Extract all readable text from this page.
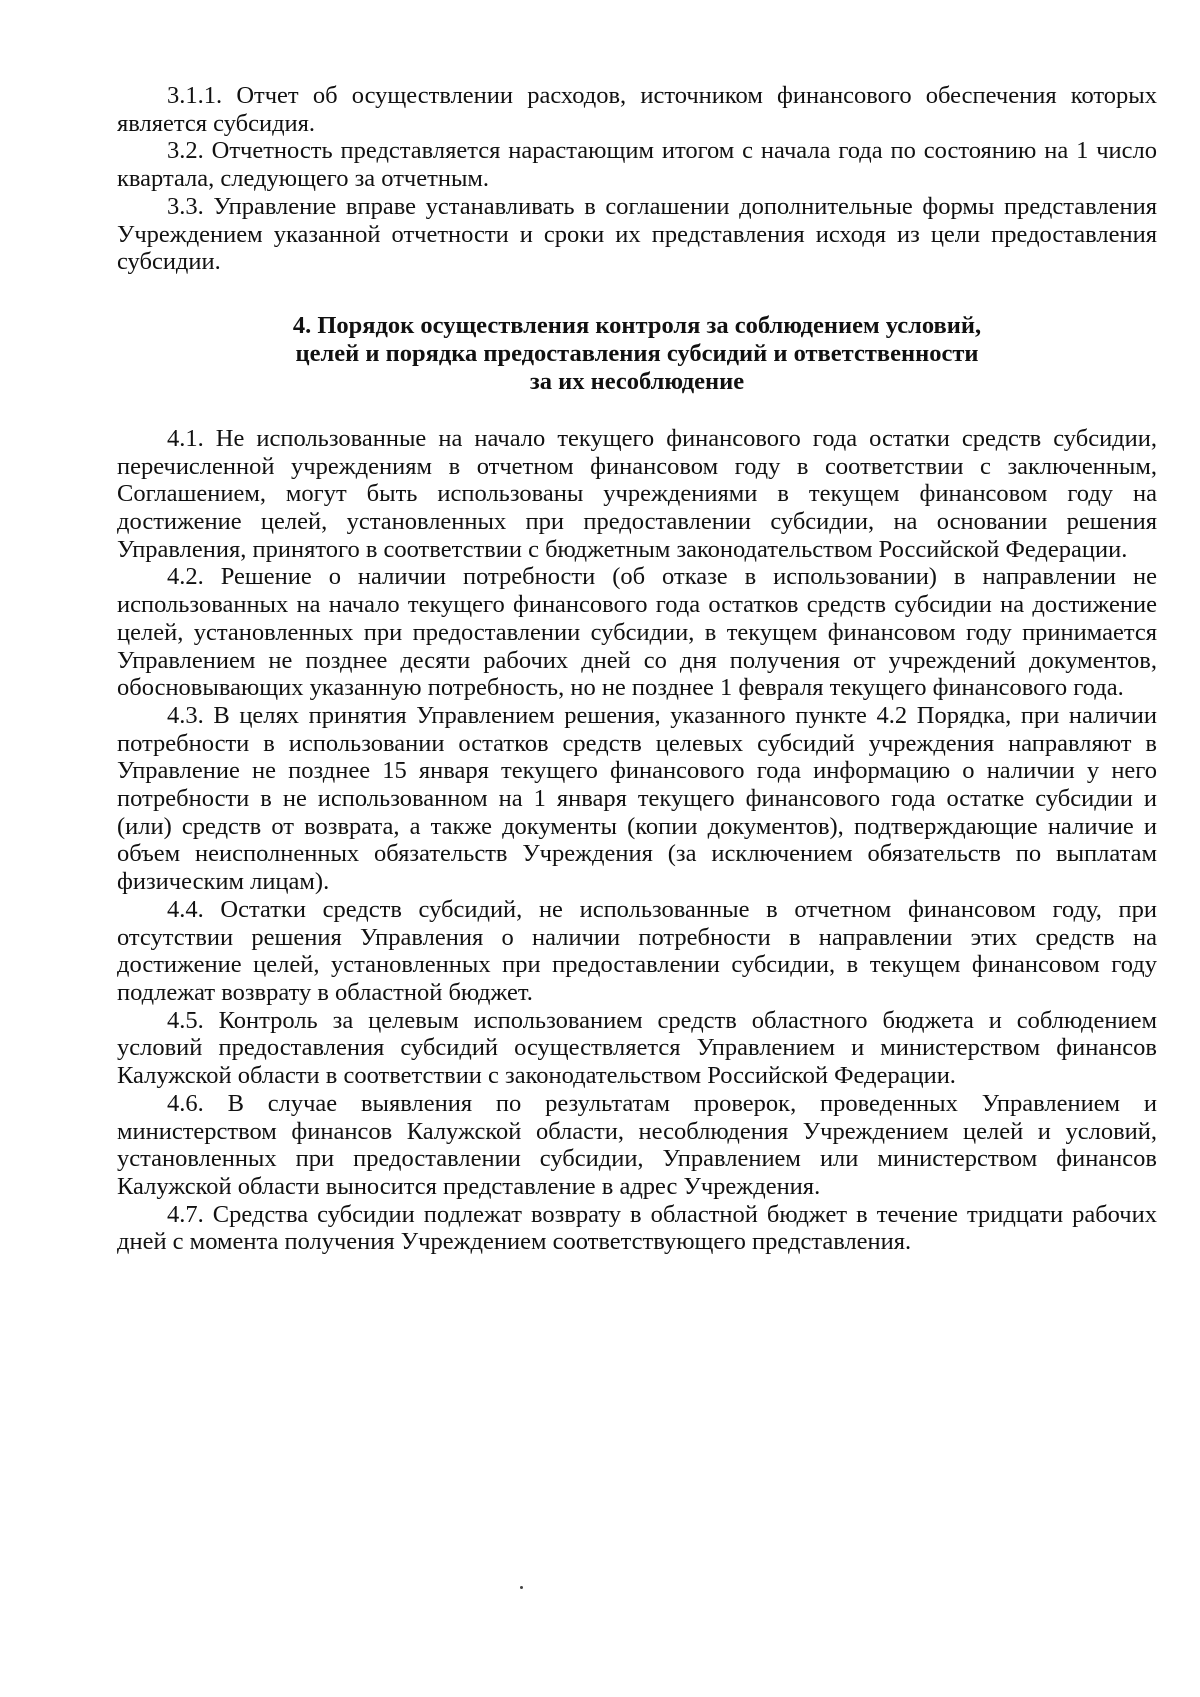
3.1.1. Отчет об осуществлении расходов, источником финансового обеспечения которых является субсидия.

3.2. Отчетность представляется нарастающим итогом с начала года по состоянию на 1 число квартала, следующего за отчетным.

3.3. Управление вправе устанавливать в соглашении дополнительные формы представления Учреждением указанной отчетности и сроки их представления исходя из цели предоставления субсидии.

4. Порядок осуществления контроля за соблюдением условий,
целей и порядка предоставления субсидий и ответственности
за их несоблюдение

4.1. Не использованные на начало текущего финансового года остатки средств субсидии, перечисленной учреждениям в отчетном финансовом году в соответствии с заключенным, Соглашением, могут быть использованы учреждениями в текущем финансовом году на достижение целей, установленных при предоставлении субсидии, на основании решения Управления, принятого в соответствии с бюджетным законодательством Российской Федерации.

4.2. Решение о наличии потребности (об отказе в использовании) в направлении не использованных на начало текущего финансового года остатков средств субсидии на достижение целей, установленных при предоставлении субсидии, в текущем финансовом году принимается Управлением не позднее десяти рабочих дней со дня получения от учреждений документов, обосновывающих указанную потребность, но не позднее 1 февраля текущего финансового года.

4.3. В целях принятия Управлением решения, указанного пункте 4.2 Порядка, при наличии потребности в использовании остатков средств целевых субсидий учреждения направляют в Управление не позднее 15 января текущего финансового года информацию о наличии у него потребности в не использованном на 1 января текущего финансового года остатке субсидии и (или) средств от возврата, а также документы (копии документов), подтверждающие наличие и объем неисполненных обязательств Учреждения (за исключением обязательств по выплатам физическим лицам).

4.4. Остатки средств субсидий, не использованные в отчетном финансовом году, при отсутствии решения Управления о наличии потребности в направлении этих средств на достижение целей, установленных при предоставлении субсидии, в текущем финансовом году подлежат возврату в областной бюджет.

4.5. Контроль за целевым использованием средств областного бюджета и соблюдением условий предоставления субсидий осуществляется Управлением и министерством финансов Калужской области в соответствии с законодательством Российской Федерации.

4.6. В случае выявления по результатам проверок, проведенных Управлением и министерством финансов Калужской области, несоблюдения Учреждением целей и условий, установленных при предоставлении субсидии, Управлением или министерством финансов Калужской области выносится представление в адрес Учреждения.

4.7. Средства субсидии подлежат возврату в областной бюджет в течение тридцати рабочих дней с момента получения Учреждением соответствующего представления.
